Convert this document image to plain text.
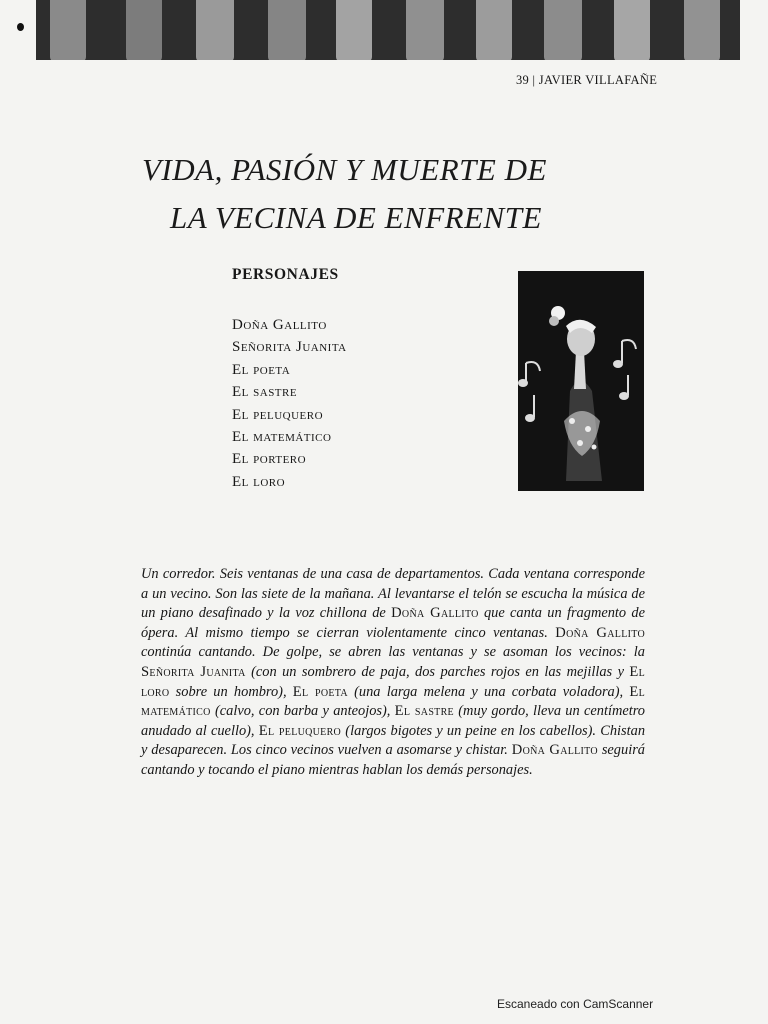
39 | JAVIER VILLAFAÑE
VIDA, PASIÓN Y MUERTE DE
LA VECINA DE ENFRENTE
PERSONAJES
Doña Gallito
Señorita Juanita
El poeta
El sastre
El peluquero
El matemático
El portero
El loro

Un corredor. Seis ventanas de una casa de departamentos. Cada ventana corresponde a un vecino. Son las siete de la mañana. Al levantarse el telón se escucha la música de un piano desafinado y la voz chillona de Doña Gallito que canta un fragmento de ópera. Al mismo tiempo se cierran violentamente cinco ventanas. Doña Gallito continúa cantando. De golpe, se abren las ventanas y se asoman los vecinos: la Señorita Juanita (con un sombrero de paja, dos parches rojos en las mejillas y El loro sobre un hombro), El poeta (una larga melena y una corbata voladora), El matemático (calvo, con barba y anteojos), El sastre (muy gordo, lleva un centímetro anudado al cuello), El peluquero (largos bigotes y un peine en los cabellos). Chistan y desaparecen. Los cinco vecinos vuelven a asomarse y chistar. Doña Gallito seguirá cantando y tocando el piano mientras hablan los demás personajes.

Escaneado con CamScanner
